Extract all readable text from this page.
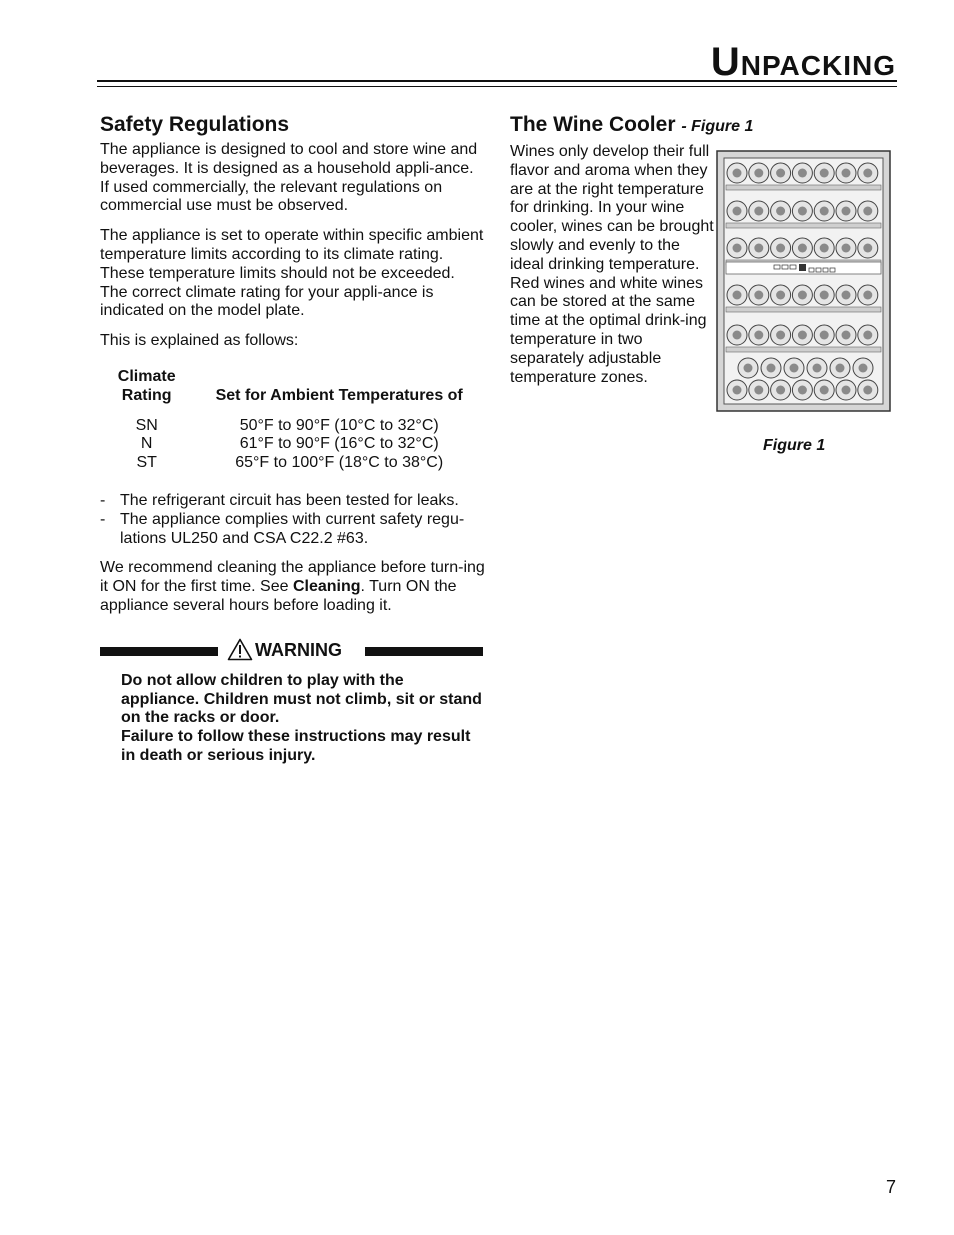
Unpacking
Safety Regulations

The appliance is designed to cool and store wine and beverages. It is designed as a household appli-ance. If used commercially, the relevant regulations on commercial use must be observed.

The appliance is set to operate within specific ambient temperature limits according to its climate rating. These temperature limits should not be exceeded. The correct climate rating for your appli-ance is indicated on the model plate.

This is explained as follows:

Climate
Rating	Set for Ambient Temperatures of
SN	50°F to 90°F (10°C to 32°C)
N	61°F to 90°F (16°C to 32°C)
ST	65°F to 100°F (18°C to 38°C)
- The refrigerant circuit has been tested for leaks.
- The appliance complies with current safety regu-lations UL250 and CSA C22.2 #63.

We recommend cleaning the appliance before turn-ing it ON for the first time. See Cleaning. Turn ON the appliance several hours before loading it.

WARNING
Do not allow children to play with the appliance. Children must not climb, sit or stand on the racks or door.
Failure to follow these instructions may result in death or serious injury.
The Wine Cooler - Figure 1

Wines only develop their full flavor and aroma when they are at the right temperature for drinking. In your wine cooler, wines can be brought slowly and evenly to the ideal drinking temperature. Red wines and white wines can be stored at the same time at the optimal drink-ing temperature in two separately adjustable temperature zones.

Figure 1

7
